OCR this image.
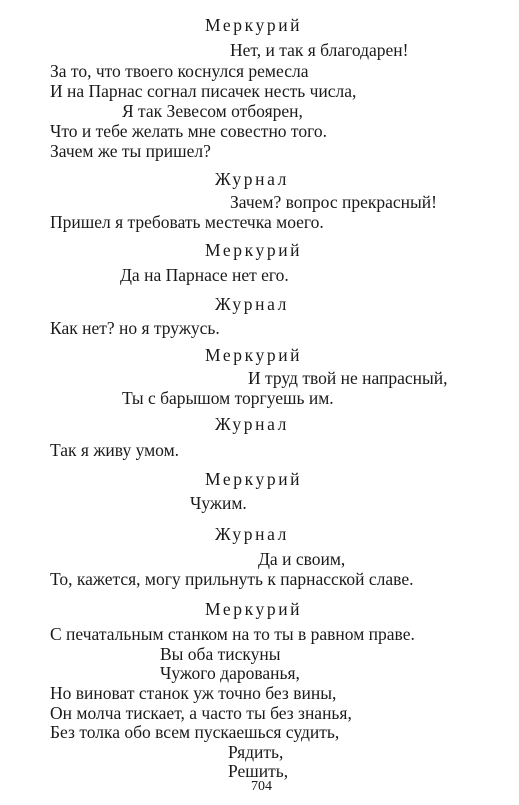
Меркурий
Нет, и так я благодарен!
За то, что твоего коснулся ремесла
И на Парнас согнал писачек несть числа,
Я так Зевесом отбоярен,
Что и тебе желать мне совестно того.
Зачем же ты пришел?
Журнал
Зачем? вопрос прекрасный!
Пришел я требовать местечка моего.
Меркурий
Да на Парнасе нет его.
Журнал
Как нет? но я тружусь.
Меркурий
И труд твой не напрасный,
Ты с барышом торгуешь им.
Журнал
Так я живу умом.
Меркурий
Чужим.
Журнал
Да и своим,
То, кажется, могу прильнуть к парнасской славе.
Меркурий
С печатальным станком на то ты в равном праве.
Вы оба тискуны
Чужого дарованья,
Но виноват станок уж точно без вины,
Он молча тискает, а часто ты без знанья,
Без толка обо всем пускаешься судить,
Рядить,
Решить,
704
